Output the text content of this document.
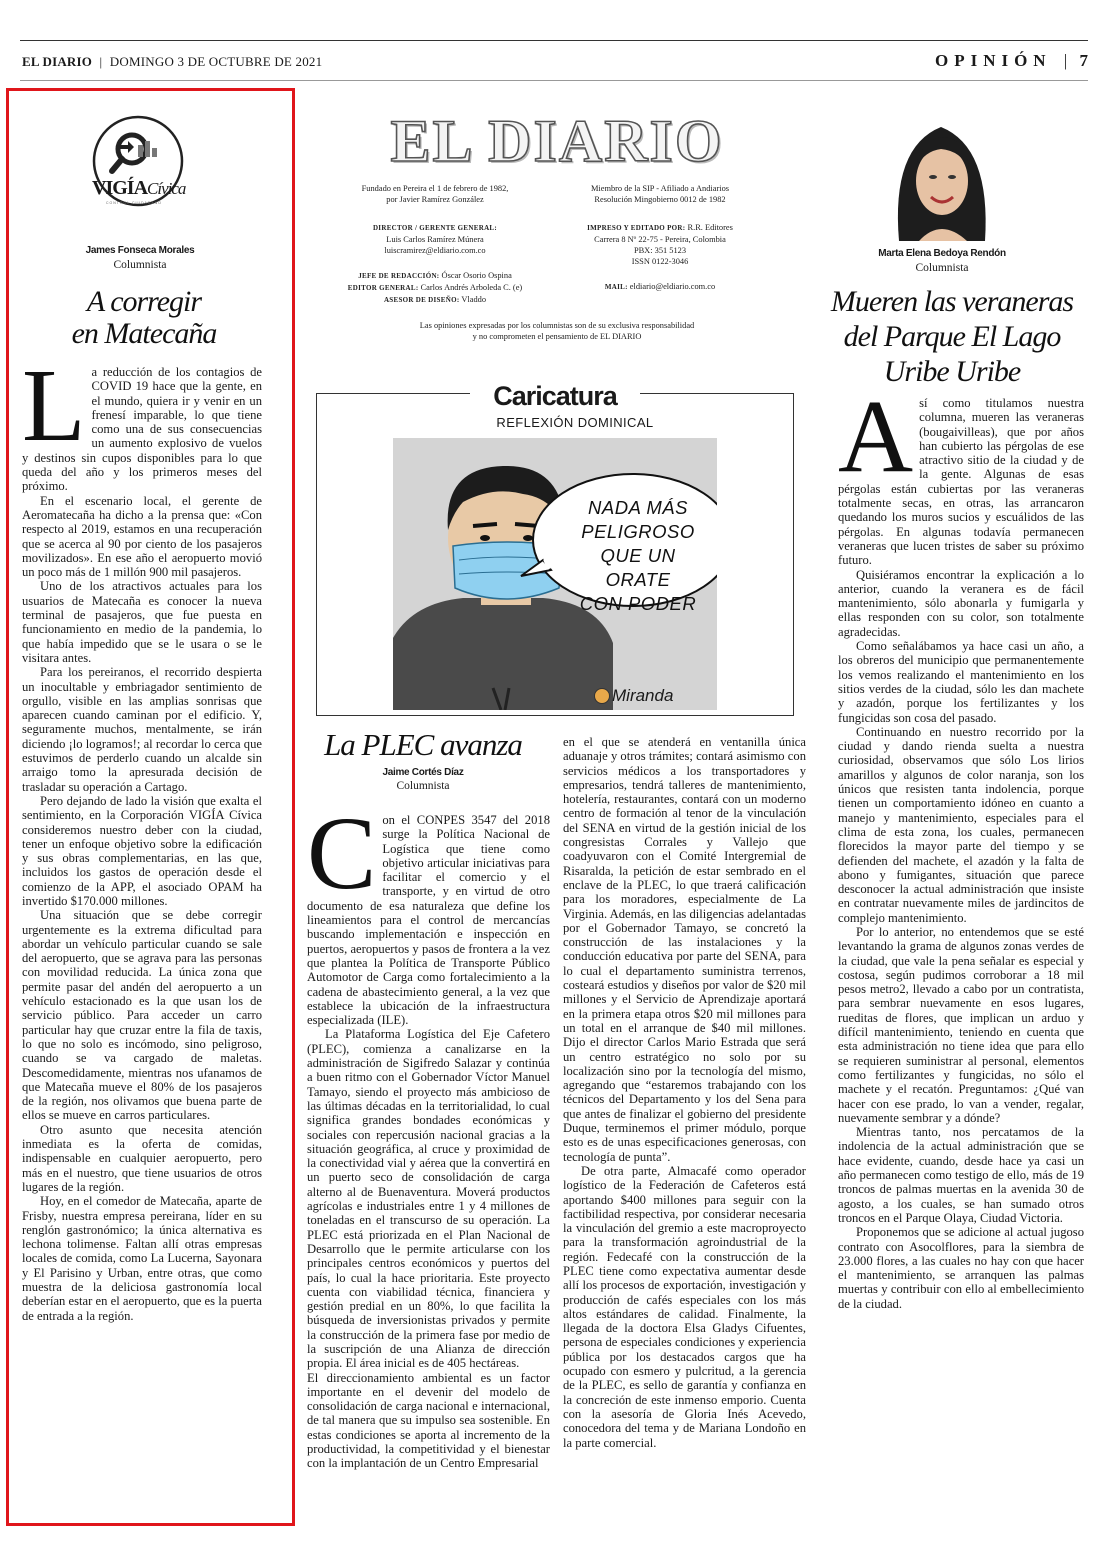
EL DIARIO | DOMINGO 3 DE OCTUBRE DE 2021	OPINIÓN | 7
VIGÍACívica
CONTROL CIUDADANO
James Fonseca Morales
Columnista
A corregir
en Matecaña
L a reducción de los contagios de COVID 19 hace que la gente, en el mundo, quiera ir y venir en un frenesí imparable, lo que tiene como una de sus consecuencias un aumento explosivo de vuelos y destinos sin cupos disponibles para lo que queda del año y los primeros meses del próximo.

En el escenario local, el gerente de Aeromatecaña ha dicho a la prensa que: «Con respecto al 2019, estamos en una recuperación que se acerca al 90 por ciento de los pasajeros movilizados». En ese año el aeropuerto movió un poco más de 1 millón 900 mil pasajeros.

Uno de los atractivos actuales para los usuarios de Matecaña es conocer la nueva terminal de pasajeros, que fue puesta en funcionamiento en medio de la pandemia, lo que había impedido que se le usara o se le visitara antes.

Para los pereiranos, el recorrido despierta un inocultable y embriagador sentimiento de orgullo, visible en las amplias sonrisas que aparecen cuando caminan por el edificio. Y, seguramente muchos, mentalmente, se irán diciendo ¡lo logramos!; al recordar lo cerca que estuvimos de perderlo cuando un alcalde sin arraigo tomo la apresurada decisión de trasladar su operación a Cartago.

Pero dejando de lado la visión que exalta el sentimiento, en la Corporación VIGÍA Cívica consideremos nuestro deber con la ciudad, tener un enfoque objetivo sobre la edificación y sus obras complementarias, en las que, incluidos los gastos de operación desde el comienzo de la APP, el asociado OPAM ha invertido $170.000 millones.

Una situación que se debe corregir urgentemente es la extrema dificultad para abordar un vehículo particular cuando se sale del aeropuerto, que se agrava para las personas con movilidad reducida. La única zona que permite pasar del andén del aeropuerto a un vehículo estacionado es la que usan los de servicio público. Para acceder un carro particular hay que cruzar entre la fila de taxis, lo que no solo es incómodo, sino peligroso, cuando se va cargado de maletas. Descomedidamente, mientras nos ufanamos de que Matecaña mueve el 80% de los pasajeros de la región, nos olivamos que buena parte de ellos se mueve en carros particulares.

Otro asunto que necesita atención inmediata es la oferta de comidas, indispensable en cualquier aeropuerto, pero más en el nuestro, que tiene usuarios de otros lugares de la región.

Hoy, en el comedor de Matecaña, aparte de Frisby, nuestra empresa pereirana, líder en su renglón gastronómico; la única alternativa es lechona tolimense. Faltan allí otras empresas locales de comida, como La Lucerna, Sayonara y El Parisino y Urban, entre otras, que como muestra de la deliciosa gastronomía local deberían estar en el aeropuerto, que es la puerta de entrada a la región.

EL DIARIO
Fundado en Pereira el 1 de febrero de 1982,
por Javier Ramírez González
Miembro de la SIP - Afiliado a Andiarios
Resolución Mingobierno 0012 de 1982
DIRECTOR / GERENTE GENERAL:
Luis Carlos Ramírez Múnera
luiscramirez@eldiario.com.co
IMPRESO Y EDITADO POR: R.R. Editores
Carrera 8 Nº 22-75 - Pereira, Colombia
PBX: 351 5123
ISSN 0122-3046
JEFE DE REDACCIÓN: Óscar Osorio Ospina
EDITOR GENERAL: Carlos Andrés Arboleda C. (e)
ASESOR DE DISEÑO: Vladdo
MAIL: eldiario@eldiario.com.co
Las opiniones expresadas por los columnistas son de su exclusiva responsabilidad
y no comprometen el pensamiento de EL DIARIO
Caricatura
REFLEXIÓN DOMINICAL
NADA MÁS
PELIGROSO
QUE UN ORATE
CON PODER
Miranda
La PLEC avanza
Jaime Cortés Díaz
Columnista
C on el CONPES 3547 del 2018 surge la Política Nacional de Logística que tiene como objetivo articular iniciativas para facilitar el comercio y el transporte, y en virtud de otro documento de esa naturaleza que define los lineamientos para el control de mercancías buscando implementación e inspección en puertos, aeropuertos y pasos de frontera a la vez que plantea la Política de Transporte Público Automotor de Carga como fortalecimiento a la cadena de abastecimiento general, a la vez que establece la ubicación de la infraestructura especializada (ILE).

La Plataforma Logística del Eje Cafetero (PLEC), comienza a canalizarse en la administración de Sigifredo Salazar y continúa a buen ritmo con el Gobernador Víctor Manuel Tamayo, siendo el proyecto más ambicioso de las últimas décadas en la territorialidad, lo cual significa grandes bondades económicas y sociales con repercusión nacional gracias a la situación geográfica, al cruce y proximidad de la conectividad vial y aérea que la convertirá en un puerto seco de consolidación de carga alterno al de Buenaventura. Moverá productos agrícolas e industriales entre 1 y 4 millones de toneladas en el transcurso de su operación. La PLEC está priorizada en el Plan Nacional de Desarrollo que le permite articularse con los principales centros económicos y puertos del país, lo cual la hace prioritaria. Este proyecto cuenta con viabilidad técnica, financiera y gestión predial en un 80%, lo que facilita la búsqueda de inversionistas privados y permite la construcción de la primera fase por medio de la suscripción de una Alianza de dirección propia. El área inicial es de 405 hectáreas.

El direccionamiento ambiental es un factor importante en el devenir del modelo de consolidación de carga nacional e internacional, de tal manera que su impulso sea sostenible. En estas condiciones se aporta al incremento de la productividad, la competitividad y el bienestar con la implantación de un Centro Empresarial

en el que se atenderá en ventanilla única aduanaje y otros trámites; contará asimismo con servicios médicos a los transportadores y empresarios, tendrá talleres de mantenimiento, hotelería, restaurantes, contará con un moderno centro de formación al tenor de la vinculación del SENA en virtud de la gestión inicial de los congresistas Corrales y Vallejo que coadyuvaron con el Comité Intergremial de Risaralda, la petición de estar sembrado en el enclave de la PLEC, lo que traerá calificación para los moradores, especialmente de La Virginia. Además, en las diligencias adelantadas por el Gobernador Tamayo, se concretó la construcción de las instalaciones y la conducción educativa por parte del SENA, para lo cual el departamento suministra terrenos, costeará estudios y diseños por valor de $20 mil millones y el Servicio de Aprendizaje aportará en la primera etapa otros $20 mil millones para un total en el arranque de $40 mil millones. Dijo el director Carlos Mario Estrada que será un centro estratégico no solo por su localización sino por la tecnología del mismo, agregando que “estaremos trabajando con los técnicos del Departamento y los del Sena para que antes de finalizar el gobierno del presidente Duque, terminemos el primer módulo, porque esto es de unas especificaciones generosas, con tecnología de punta”.

De otra parte, Almacafé como operador logístico de la Federación de Cafeteros está aportando $400 millones para seguir con la factibilidad respectiva, por considerar necesaria la vinculación del gremio a este macroproyecto para la transformación agroindustrial de la región. Fedecafé con la construcción de la PLEC tiene como expectativa aumentar desde allí los procesos de exportación, investigación y producción de cafés especiales con los más altos estándares de calidad. Finalmente, la llegada de la doctora Elsa Gladys Cifuentes, persona de especiales condiciones y experiencia pública por los destacados cargos que ha ocupado con esmero y pulcritud, a la gerencia de la PLEC, es sello de garantía y confianza en la concreción de este inmenso emporio. Cuenta con la asesoría de Gloria Inés Acevedo, conocedora del tema y de Mariana Londoño en la parte comercial.

Marta Elena Bedoya Rendón
Columnista
Mueren las veraneras
del Parque El Lago
Uribe Uribe
A sí como titulamos nuestra columna, mueren las veraneras (bougaivilleas), que por años han cubierto las pérgolas de ese atractivo sitio de la ciudad y de la gente. Algunas de esas pérgolas están cubiertas por las veraneras totalmente secas, en otras, las arrancaron quedando los muros sucios y escuálidos de las pérgolas. En algunas todavía permanecen veraneras que lucen tristes de saber su próximo futuro.

Quisiéramos encontrar la explicación a lo anterior, cuando la veranera es de fácil mantenimiento, sólo abonarla y fumigarla y ellas responden con su color, son totalmente agradecidas.

Como señalábamos ya hace casi un año, a los obreros del municipio que permanentemente los vemos realizando el mantenimiento en los sitios verdes de la ciudad, sólo les dan machete y azadón, porque los fertilizantes y los fungicidas son cosa del pasado.

Continuando en nuestro recorrido por la ciudad y dando rienda suelta a nuestra curiosidad, observamos que sólo Los lirios amarillos y algunos de color naranja, son los únicos que resisten tanta indolencia, porque tienen un comportamiento idóneo en cuanto a manejo y mantenimiento, especiales para el clima de esta zona, los cuales, permanecen florecidos la mayor parte del tiempo y se defienden del machete, el azadón y la falta de abono y fumigantes, situación que parece desconocer la actual administración que insiste en contratar nuevamente miles de jardincitos de complejo mantenimiento.

Por lo anterior, no entendemos que se esté levantando la grama de algunos zonas verdes de la ciudad, que vale la pena señalar es especial y costosa, según pudimos corroborar a 18 mil pesos metro2, llevado a cabo por un contratista, para sembrar nuevamente en esos lugares, rueditas de flores, que implican un arduo y difícil mantenimiento, teniendo en cuenta que esta administración no tiene idea que para ello se requieren suministrar al personal, elementos como fertilizantes y fungicidas, no sólo el machete y el recatón. Preguntamos: ¿Qué van hacer con ese prado, lo van a vender, regalar, nuevamente sembrar y a dónde?

Mientras tanto, nos percatamos de la indolencia de la actual administración que se hace evidente, cuando, desde hace ya casi un año permanecen como testigo de ello, más de 19 troncos de palmas muertas en la avenida 30 de agosto, a los cuales, se han sumado otros troncos en el Parque Olaya, Ciudad Victoria.

Proponemos que se adicione al actual jugoso contrato con Asocolflores, para la siembra de 23.000 flores, a las cuales no hay con que hacer el mantenimiento, se arranquen las palmas muertas y contribuir con ello al embellecimiento de la ciudad.
